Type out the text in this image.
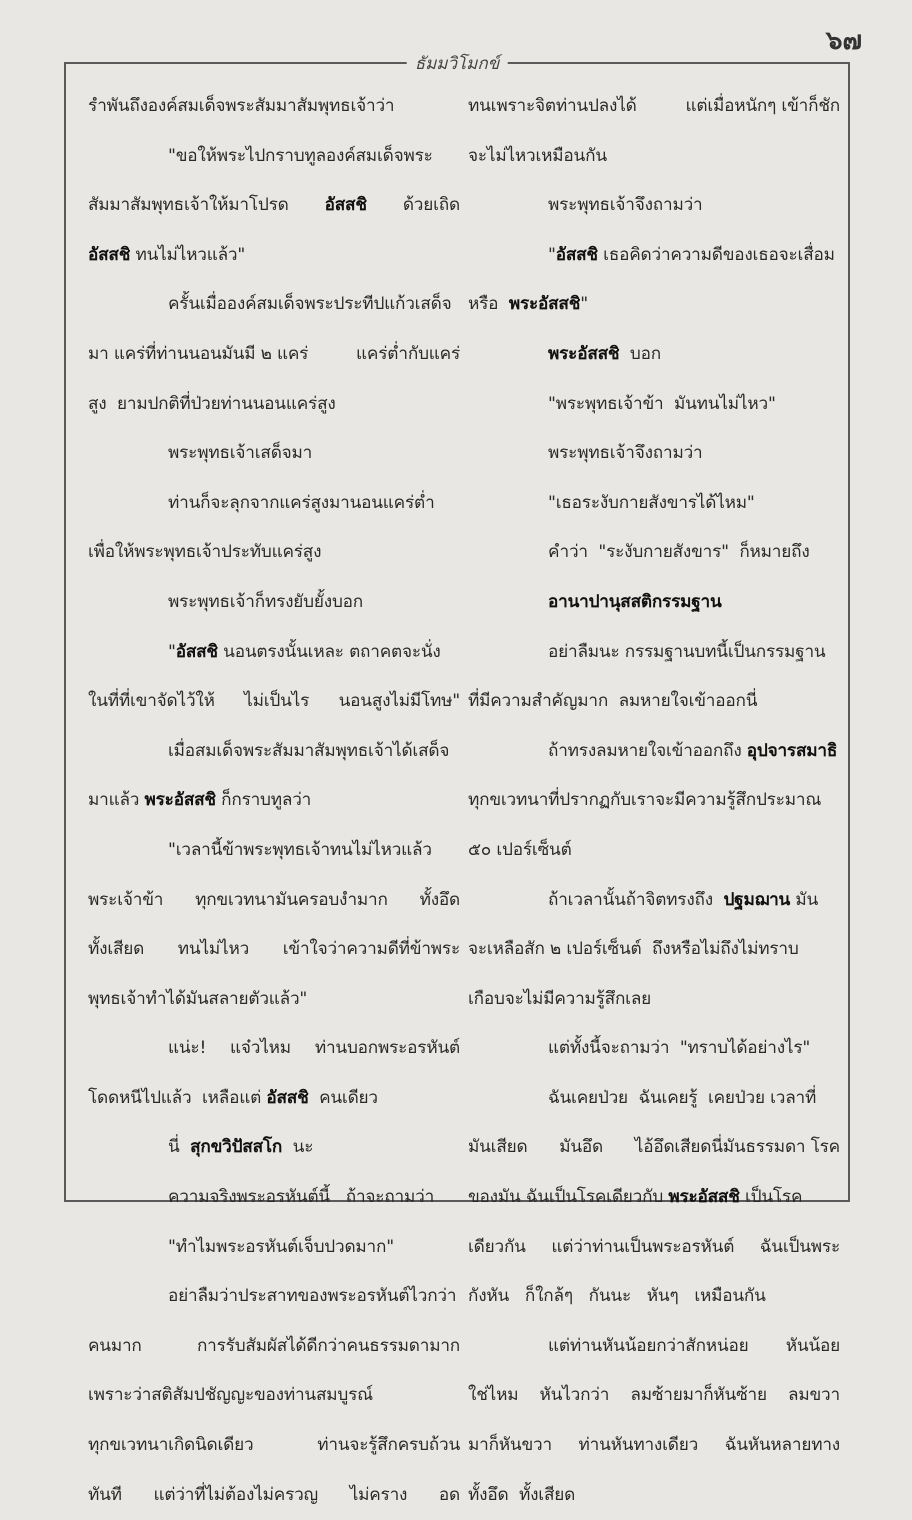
๖๗
ธัมมวิโมกข์
รำพันถึงองค์สมเด็จพระสัมมาสัมพุทธเจ้าว่า
"ขอให้พระไปกราบทูลองค์สมเด็จพระ
สัมมาสัมพุทธเจ้าให้มาโปรด อัสสชิ ด้วยเถิด
อัสสชิ ทนไม่ไหวแล้ว"
ครั้นเมื่อองค์สมเด็จพระประทีปแก้วเสด็จ
มา แคร่ที่ท่านนอนมันมี ๒ แคร่	แคร่ต่ำกับแคร่
สูง ยามปกติที่ป่วยท่านนอนแคร่สูง
พระพุทธเจ้าเสด็จมา
ท่านก็จะลุกจากแคร่สูงมานอนแคร่ต่ำ
เพื่อให้พระพุทธเจ้าประทับแคร่สูง
พระพุทธเจ้าก็ทรงยับยั้งบอก
"อัสสชิ นอนตรงนั้นเหละ ตถาคตจะนั่ง
ในที่ที่เขาจัดไว้ให้ ไม่เป็นไร นอนสูงไม่มีโทษ"
เมื่อสมเด็จพระสัมมาสัมพุทธเจ้าได้เสด็จ
มาแล้ว พระอัสสชิ ก็กราบทูลว่า
"เวลานี้ข้าพระพุทธเจ้าทนไม่ไหวแล้ว
พระเจ้าข้า ทุกขเวทนามันครอบงำมาก ทั้งอึด
ทั้งเสียด ทนไม่ไหว เข้าใจว่าความดีที่ข้าพระ
พุทธเจ้าทำได้มันสลายตัวแล้ว"
แน่ะ! แจ๋วไหม ท่านบอกพระอรหันต์
โดดหนีไปแล้ว เหลือแต่ อัสสชิ คนเดียว
นี่ สุกขวิปัสสโก นะ
ความจริงพระอรหันต์นี้ ถ้าจะถามว่า
"ทำไมพระอรหันต์เจ็บปวดมาก"
อย่าลืมว่าประสาทของพระอรหันต์ไวกว่า
คนมาก	การรับสัมผัสได้ดีกว่าคนธรรมดามาก
เพราะว่าสติสัมปชัญญะของท่านสมบูรณ์
ทุกขเวทนาเกิดนิดเดียว	ท่านจะรู้สึกครบถ้วน
ทันที แต่ว่าที่ไม่ต้องไม่ครวญ ไม่คราง อด
ทนเพราะจิตท่านปลงได้	แต่เมื่อหนักๆ เข้าก็ชัก
จะไม่ไหวเหมือนกัน
พระพุทธเจ้าจึงถามว่า
"อัสสชิ เธอคิดว่าความดีของเธอจะเสื่อม
หรือ พระอัสสชิ"
พระอัสสชิ บอก
"พระพุทธเจ้าข้า มันทนไม่ไหว"
พระพุทธเจ้าจึงถามว่า
"เธอระงับกายสังขารได้ไหม"
คำว่า "ระงับกายสังขาร" ก็หมายถึง
อานาปานุสสติกรรมฐาน
อย่าลืมนะ กรรมฐานบทนี้เป็นกรรมฐาน
ที่มีความสำคัญมาก ลมหายใจเข้าออกนี่
ถ้าทรงลมหายใจเข้าออกถึง อุปจารสมาธิ
ทุกขเวทนาที่ปรากฏกับเราจะมีความรู้สึกประมาณ
๕๐ เปอร์เซ็นต์
ถ้าเวลานั้นถ้าจิตทรงถึง ปฐมฌาน มัน
จะเหลือสัก ๒ เปอร์เซ็นต์ ถึงหรือไม่ถึงไม่ทราบ
เกือบจะไม่มีความรู้สึกเลย
แต่ทั้งนี้จะถามว่า "ทราบได้อย่างไร"
ฉันเคยป่วย ฉันเคยรู้ เคยป่วย เวลาที่
มันเสียด มันอึด ไอ้อึดเสียดนี่มันธรรมดา โรค
ของมัน ฉันเป็นโรคเดียวกับ พระอัสสชิ เป็นโรค
เดียวกัน แต่ว่าท่านเป็นพระอรหันต์ ฉันเป็นพระ
กังหัน ก็ใกล้ๆ กันนะ หันๆ เหมือนกัน
แต่ท่านหันน้อยกว่าสักหน่อย หันน้อย
ใช่ไหม หันไวกว่า ลมซ้ายมาก็หันซ้าย ลมขวา
มาก็หันขวา ท่านหันทางเดียว ฉันหันหลายทาง
ทั้งอึด ทั้งเสียด
